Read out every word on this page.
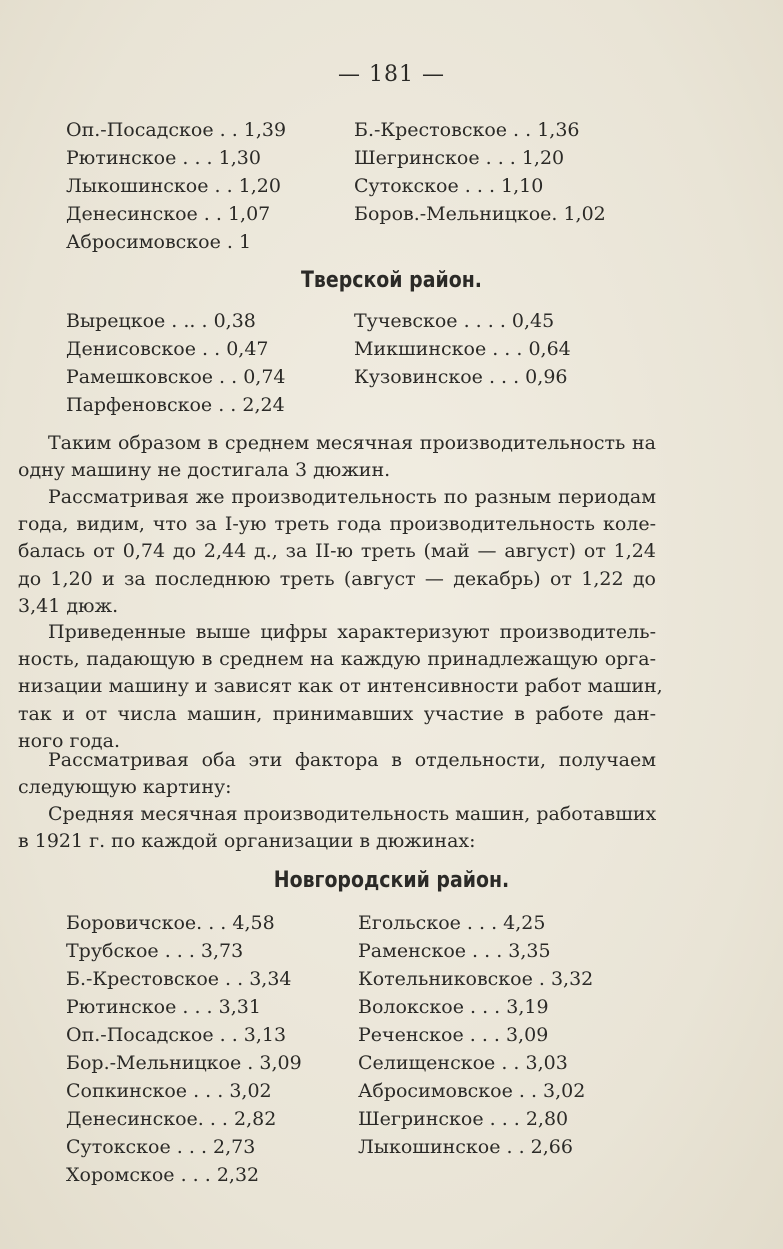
— 181 —
Оп.-Посадское . . 1,39	Б.-Крестовское . . 1,36
Рютинское . . . 1,30	Шегринское . . . 1,20
Лыкошинское . . 1,20	Сутокское . . . 1,10
Денесинское . . 1,07	Боров.-Мельницкое. 1,02
Абросимовское . 1
Тверской район.
Вырецкое . .. . 0,38	Тучевское . . . . 0,45
Денисовское . . 0,47	Микшинское . . . 0,64
Рамешковское . . 0,74	Кузовинское . . . 0,96
Парфеновское . . 2,24
Таким образом в среднем месячная производительность на
одну машину не достигала 3 дюжин.
Рассматривая же производительность по разным периодам
года, видим, что за I-ую треть года производительность коле-
балась от 0,74 до 2,44 д., за II-ю треть (май — август) от 1,24
до 1,20 и за последнюю треть (август — декабрь) от 1,22 до
3,41 дюж.
Приведенные выше цифры характеризуют производитель-
ность, падающую в среднем на каждую принадлежащую орга-
низации машину и зависят как от интенсивности работ машин,
так и от числа машин, принимавших участие в работе дан-
ного года.
Рассматривая оба эти фактора в отдельности, получаем
следующую картину:
Средняя месячная производительность машин, работавших
в 1921 г. по каждой организации в дюжинах:
Новгородский район.
Боровичское. . . 4,58	Егольское . . . 4,25
Трубское . . . 3,73	Раменское . . . 3,35
Б.-Крестовское . . 3,34	Котельниковское . 3,32
Рютинское . . . 3,31	Волокское . . . 3,19
Оп.-Посадское . . 3,13	Реченское . . . 3,09
Бор.-Мельницкое . 3,09	Селищенское . . 3,03
Сопкинское . . . 3,02	Абросимовское . . 3,02
Денесинское. . . 2,82	Шегринское . . . 2,80
Сутокское . . . 2,73	Лыкошинское . . 2,66
Хоромское . . . 2,32
